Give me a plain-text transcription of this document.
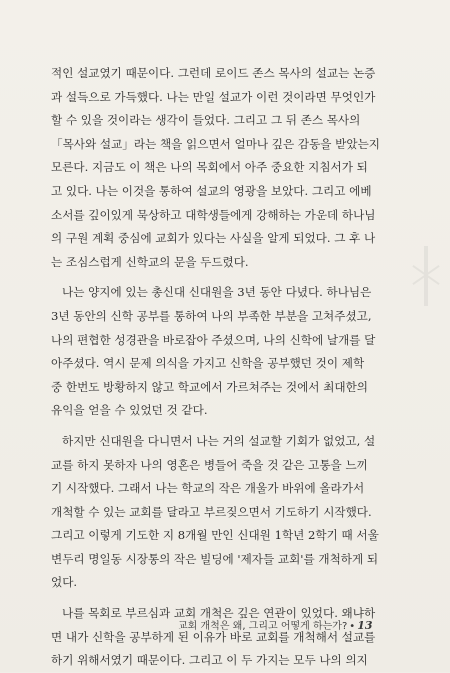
적인 설교였기 때문이다. 그런데 로이드 존스 목사의 설교는 논증
과 설득으로 가득했다. 나는 만일 설교가 이런 것이라면 무엇인가
할 수 있을 것이라는 생각이 들었다. 그리고 그 뒤 존스 목사의
「목사와 설교」라는 책을 읽으면서 얼마나 깊은 감동을 받았는지
모른다. 지금도 이 책은 나의 목회에서 아주 중요한 지침서가 되
고 있다. 나는 이것을 통하여 설교의 영광을 보았다. 그리고 에베
소서를 깊이있게 묵상하고 대학생들에게 강해하는 가운데 하나님
의 구원 계획 중심에 교회가 있다는 사실을 알게 되었다. 그 후 나
는 조심스럽게 신학교의 문을 두드렸다.
나는 양지에 있는 총신대 신대원을 3년 동안 다녔다. 하나님은
3년 동안의 신학 공부를 통하여 나의 부족한 부분을 고쳐주셨고,
나의 편협한 성경관을 바로잡아 주셨으며, 나의 신학에 날개를 달
아주셨다. 역시 문제 의식을 가지고 신학을 공부했던 것이 제학
중 한번도 방황하지 않고 학교에서 가르쳐주는 것에서 최대한의
유익을 얻을 수 있었던 것 같다.
하지만 신대원을 다니면서 나는 거의 설교할 기회가 없었고, 설
교를 하지 못하자 나의 영혼은 병들어 죽을 것 같은 고통을 느끼
기 시작했다. 그래서 나는 학교의 작은 개울가 바위에 올라가서
개척할 수 있는 교회를 달라고 부르짖으면서 기도하기 시작했다.
그리고 이렇게 기도한 지 8개월 만인 신대원 1학년 2학기 때 서울
변두리 명일동 시장통의 작은 빌딩에 '제자들 교회'를 개척하게 되
었다.
나를 목회로 부르심과 교회 개척은 깊은 연관이 있었다. 왜냐하
면 내가 신학을 공부하게 된 이유가 바로 교회를 개척해서 설교를
하기 위해서였기 때문이다. 그리고 이 두 가지는 모두 나의 의지
교회 개척은 왜, 그리고 어떻게 하는가? • 13
